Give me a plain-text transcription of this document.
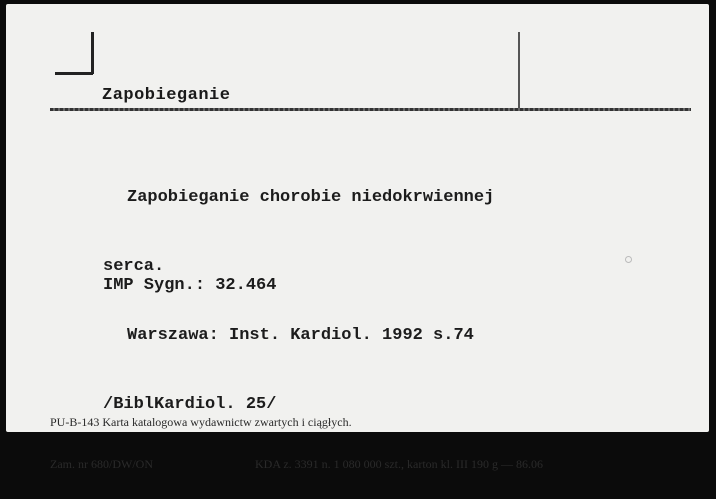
Zapobieganie

Zapobieganie chorobie niedokrwiennej

serca.

Warszawa: Inst. Kardiol. 1992 s.74

/BiblKardiol. 25/

IMP Sygn.: 32.464

PU-B-143 Karta katalogowa wydawnictw zwartych i ciągłych.

Zam. nr 680/DW/ON	KDA z. 3391 n. 1 080 000 szt., karton kl. III 190 g — 86.06
